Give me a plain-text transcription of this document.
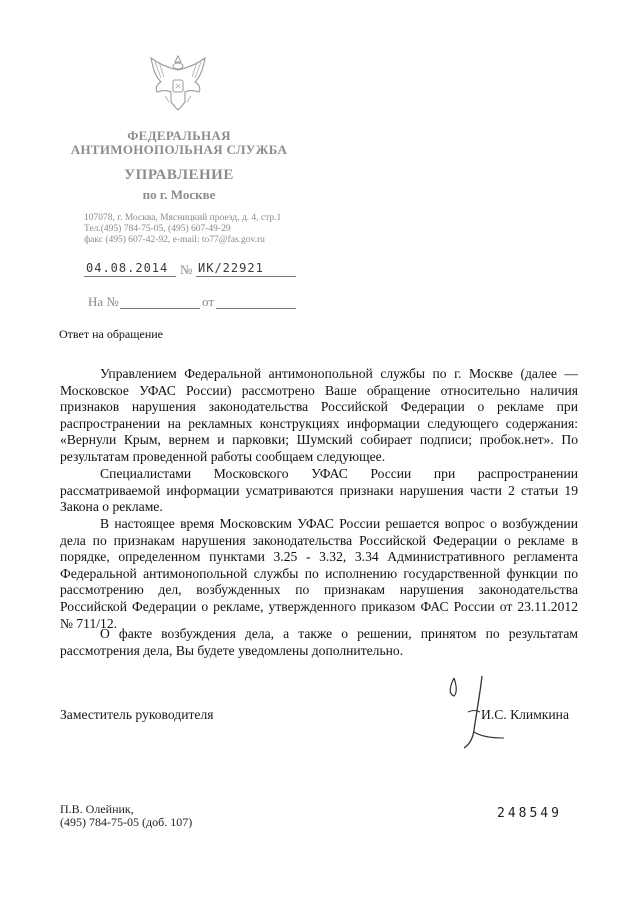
ФЕДЕРАЛЬНАЯ
АНТИМОНОПОЛЬНАЯ СЛУЖБА
УПРАВЛЕНИЕ
по г. Москве
107078, г. Москва, Мясницкий проезд, д. 4, стр.1
Тел.(495) 784-75-05, (495) 607-49-29
факс (495) 607-42-92, e-mail: to77@fas.gov.ru
04.08.2014 № ИК/22921
На №	от
Ответ на обращение
Управлением Федеральной антимонопольной службы по г. Москве (далее — Московское УФАС России) рассмотрено Ваше обращение относительно наличия признаков нарушения законодательства Российской Федерации о рекламе при распространении на рекламных конструкциях информации следующего содержания: «Вернули Крым, вернем и парковки; Шумский собирает подписи; пробок.нет». По результатам проведенной работы сообщаем следующее.
Специалистами Московского УФАС России при распространении рассматриваемой информации усматриваются признаки нарушения части 2 статьи 19 Закона о рекламе.
В настоящее время Московским УФАС России решается вопрос о возбуждении дела по признакам нарушения законодательства Российской Федерации о рекламе в порядке, определенном пунктами 3.25 - 3.32, 3.34 Административного регламента Федеральной антимонопольной службы по исполнению государственной функции по рассмотрению дел, возбужденных по признакам нарушения законодательства Российской Федерации о рекламе, утвержденного приказом ФАС России от 23.11.2012 № 711/12.
О факте возбуждения дела, а также о решении, принятом по результатам рассмотрения дела, Вы будете уведомлены дополнительно.
Заместитель руководителя	И.С. Климкина
П.В. Олейник,
(495) 784-75-05 (доб. 107)
248549
